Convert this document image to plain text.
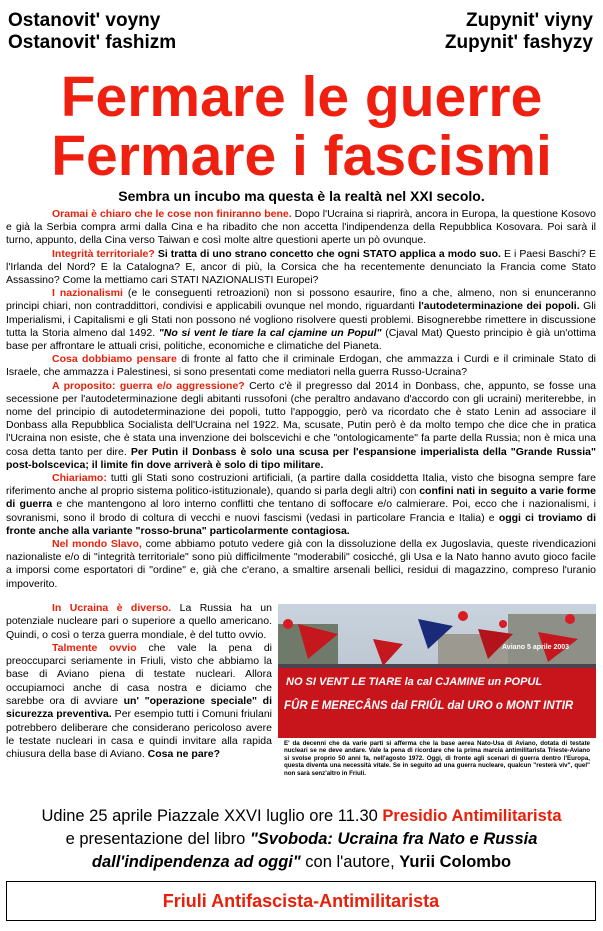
Ostanovit' voyny
Ostanovit' fashizm
Zupynit' viyny
Zupynit' fashyzy
Fermare le guerre
Fermare i fascismi
Sembra un incubo ma questa è la realtà nel XXI secolo.

Oramai è chiaro che le cose non finiranno bene. Dopo l'Ucraina si riaprirà, ancora in Europa, la questione Kosovo e già la Serbia compra armi dalla Cina e ha ribadito che non accetta l'indipendenza della Repubblica Kosovara. Poi sarà il turno, appunto, della Cina verso Taiwan e così molte altre questioni aperte un pò ovunque.

Integrità territoriale? Si tratta di uno strano concetto che ogni STATO applica a modo suo. E i Paesi Baschi? E l'Irlanda del Nord? E la Catalogna? E, ancor di più, la Corsica che ha recentemente denunciato la Francia come Stato Assassino? Come la mettiamo cari STATI NAZIONALISTI Europei?

I nazionalismi (e le conseguenti retroazioni) non si possono esaurire, fino a che, almeno, non si enunceranno principi chiari, non contraddittori, condivisi e applicabili ovunque nel mondo, riguardanti l'autodeterminazione dei popoli. Gli Imperialismi, i Capitalismi e gli Stati non possono né vogliono risolvere questi problemi. Bisognerebbe rimettere in discussione tutta la Storia almeno dal 1492. "No si vent le tiare la cal cjamine un Popul" (Cjaval Mat) Questo principio è già un'ottima base per affrontare le attuali crisi, politiche, economiche e climatiche del Pianeta.

Cosa dobbiamo pensare di fronte al fatto che il criminale Erdogan, che ammazza i Curdi e il criminale Stato di Israele, che ammazza i Palestinesi, si sono presentati come mediatori nella guerra Russo-Ucraina?

A proposito: guerra e/o aggressione? Certo c'è il pregresso dal 2014 in Donbass, che, appunto, se fosse una secessione per l'autodeterminazione degli abitanti russofoni (che peraltro andavano d'accordo con gli ucraini) meriterebbe, in nome del principio di autodeterminazione dei popoli, tutto l'appoggio, però va ricordato che è stato Lenin ad associare il Donbass alla Repubblica Socialista dell'Ucraina nel 1922. Ma, scusate, Putin però è da molto tempo che dice che in pratica l'Ucraina non esiste, che è stata una invenzione dei bolscevichi e che "ontologicamente" fa parte della Russia; non è mica una cosa detta tanto per dire. Per Putin il Donbass è solo una scusa per l'espansione imperialista della "Grande Russia" post-bolscevica; il limite fin dove arriverà è solo di tipo militare.

Chiariamo: tutti gli Stati sono costruzioni artificiali, (a partire dalla cosiddetta Italia, visto che bisogna sempre fare riferimento anche al proprio sistema politico-istituzionale), quando si parla degli altri) con confini nati in seguito a varie forme di guerra e che mantengono al loro interno conflitti che tentano di soffocare e/o calmierare. Poi, ecco che i nazionalismi, i sovranismi, sono il brodo di coltura di vecchi e nuovi fascismi (vedasi in particolare Francia e Italia) e oggi ci troviamo di fronte anche alla variante "rosso-bruna" particolarmente contagiosa.

Nel mondo Slavo, come abbiamo potuto vedere già con la dissoluzione della ex Jugoslavia, queste rivendicazioni nazionaliste e/o di "integrità territoriale" sono più difficilmente "moderabili" cosicché, gli Usa e la Nato hanno avuto gioco facile a imporsi come esportatori di "ordine" e, già che c'erano, a smaltire arsenali bellici, residui di magazzino, compreso l'uranio impoverito.

In Ucraina è diverso. La Russia ha un potenziale nucleare pari o superiore a quello americano. Quindi, o così o terza guerra mondiale, è del tutto ovvio.

Talmente ovvio che vale la pena di preoccuparci seriamente in Friuli, visto che abbiamo la base di Aviano piena di testate nucleari. Allora occupiamoci anche di casa nostra e diciamo che sarebbe ora di avviare un' "operazione speciale" di sicurezza preventiva. Per esempio tutti i Comuni friulani potrebbero deliberare che considerano pericoloso avere le testate nucleari in casa e quindi invitare alla rapida chiusura della base di Aviano. Cosa ne pare?

Aviano 5 aprile 2003
NO SI VENT LE TIARE la cal CJAMINE un POPUL
FÛR E MERECÂNS dal FRIÛL dal URO o MONT INTIR
E' da decenni che da varie parti si afferma che la base aerea Nato-Usa di Aviano, dotata di testate nucleari se ne deve andare. Vale la pena di ricordare che la prima marcia antimilitarista Trieste-Aviano si svolse proprio 50 anni fa, nell'agosto 1972. Oggi, di fronte agli scenari di guerra dentro l'Europa, questa diventa una necessità vitale. Se in seguito ad una guerra nucleare, qualcun "resterà viv", quel" non sarà senz'altro in Friuli.
Udine 25 aprile Piazzale XXVI luglio ore 11.30 Presidio Antimilitarista
e presentazione del libro "Svoboda: Ucraina fra Nato e Russia
dall'indipendenza ad oggi" con l'autore, Yurii Colombo
Friuli Antifascista-Antimilitarista
